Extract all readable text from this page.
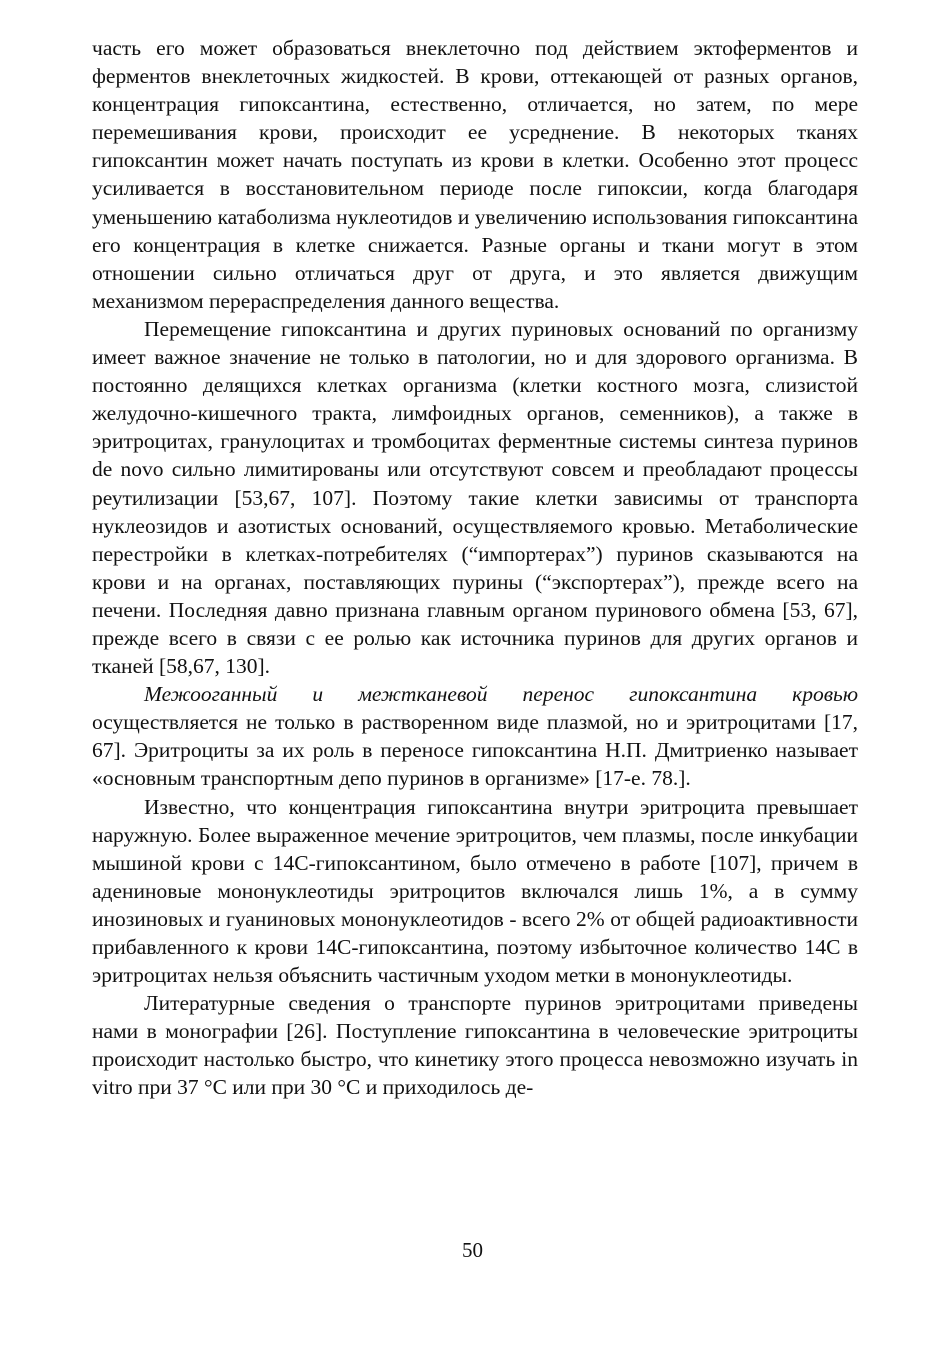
часть его может образоваться внеклеточно под действием эктоферментов и ферментов внеклеточных жидкостей. В крови, оттекающей от разных органов, концентрация гипоксантина, естественно, отличается, но затем, по мере перемешивания крови, происходит ее усреднение. В некоторых тканях гипоксантин может начать поступать из крови в клетки. Особенно этот процесс усиливается в восстановительном периоде после гипоксии, когда благодаря уменьшению катаболизма нуклеотидов и увеличению использования гипоксантина его концентрация в клетке снижается. Разные органы и ткани могут в этом отношении сильно отличаться друг от друга, и это является движущим механизмом перераспределения данного вещества.

Перемещение гипоксантина и других пуриновых оснований по организму имеет важное значение не только в патологии, но и для здорового организма. В постоянно делящихся клетках организма (клетки костного мозга, слизистой желудочно-кишечного тракта, лимфоидных органов, семенников), а также в эритроцитах, гранулоцитах и тромбоцитах ферментные системы синтеза пуринов de novo сильно лимитированы или отсутствуют совсем и преобладают процессы реутилизации [53,67, 107]. Поэтому такие клетки зависимы от транспорта нуклеозидов и азотистых оснований, осуществляемого кровью. Метаболические перестройки в клетках-потребителях (“импортерах”) пуринов сказываются на крови и на органах, поставляющих пурины (“экспортерах”), прежде всего на печени. Последняя давно признана главным органом пуринового обмена [53, 67], прежде всего в связи с ее ролью как источника пуринов для других органов и тканей [58,67, 130].

Межооганный и межтканевой перенос гипоксантина кровью осуществляется не только в растворенном виде плазмой, но и эритроцитами [17, 67]. Эритроциты за их роль в переносе гипоксантина Н.П. Дмитриенко называет «основным транспортным депо пуринов в организме» [17-е. 78.].

Известно, что концентрация гипоксантина внутри эритроцита превышает наружную. Более выраженное мечение эритроцитов, чем плазмы, после инкубации мышиной крови с 14C-гипоксантином, было отмечено в работе [107], причем в адениновые мононуклеотиды эритроцитов включался лишь 1%, а в сумму инозиновых и гуаниновых мононуклеотидов - всего 2% от общей радиоактивности прибавленного к крови 14C-гипоксантина, поэтому избыточное количество 14C в эритроцитах нельзя объяснить частичным уходом метки в мононуклеотиды.

Литературные сведения о транспорте пуринов эритроцитами приведены нами в монографии [26]. Поступление гипоксантина в человеческие эритроциты происходит настолько быстро, что кинетику этого процесса невозможно изучать in vitro при 37 °С или при 30 °С и приходилось де-

50
